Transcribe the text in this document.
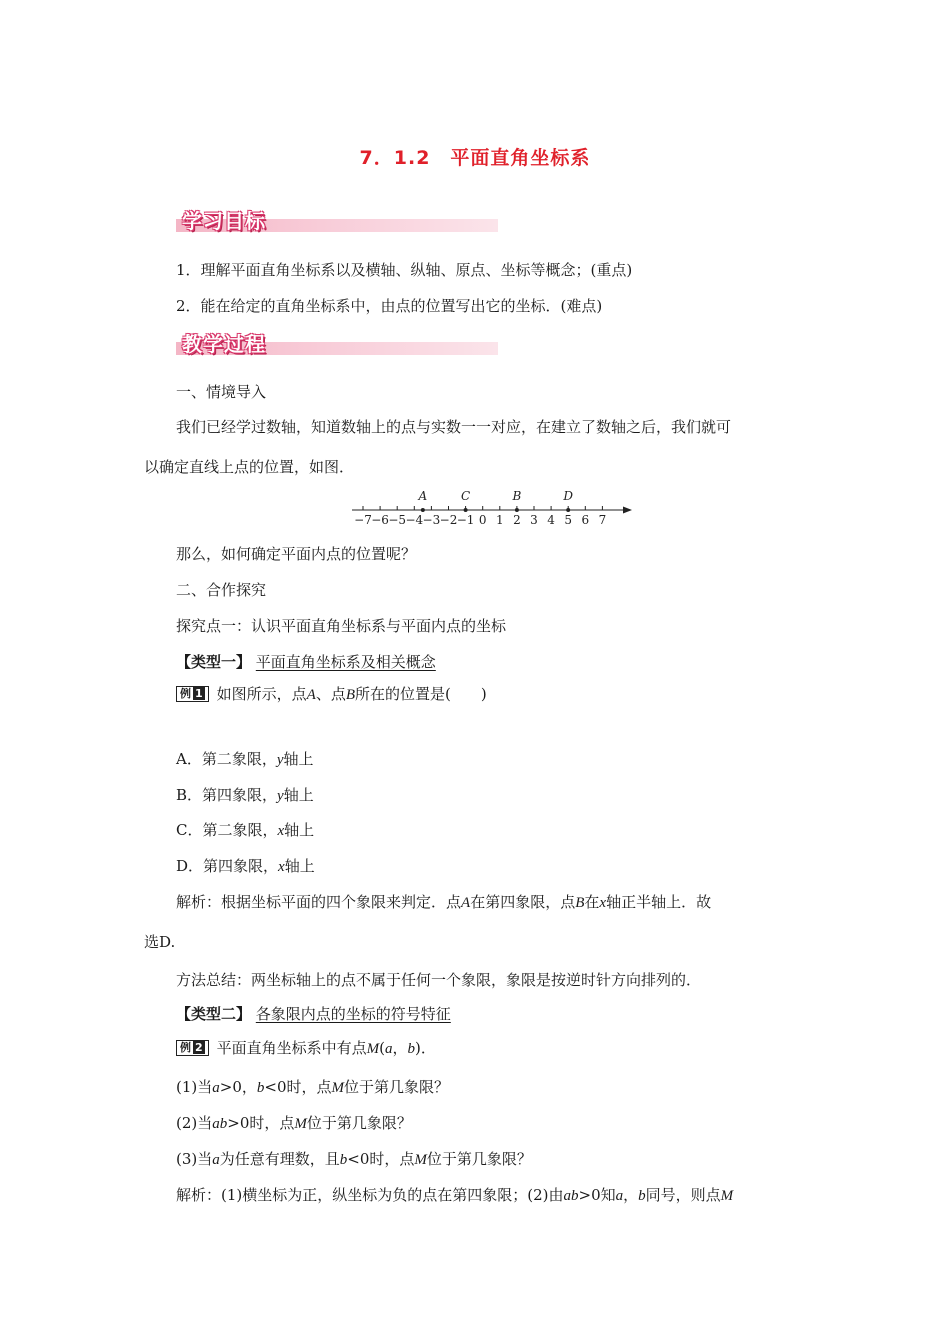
7．1.2　平面直角坐标系
学习目标
1．理解平面直角坐标系以及横轴、纵轴、原点、坐标等概念；(重点)
2．能在给定的直角坐标系中，由点的位置写出它的坐标．(难点)
教学过程
一、情境导入
我们已经学过数轴，知道数轴上的点与实数一一对应，在建立了数轴之后，我们就可
以确定直线上点的位置，如图．
−7 −6 −5 −4 −3 −2 −1 0 1 2 3 4 5 6 7
A	C	B	D
那么，如何确定平面内点的位置呢？
二、合作探究
探究点一：认识平面直角坐标系与平面内点的坐标
【类型一】 平面直角坐标系及相关概念
例 1 如图所示，点A、点B所在的位置是(　　)
A．第二象限，y轴上
B．第四象限，y轴上
C．第二象限，x轴上
D．第四象限，x轴上
解析：根据坐标平面的四个象限来判定．点A在第四象限，点B在x轴正半轴上．故
选D.
方法总结：两坐标轴上的点不属于任何一个象限，象限是按逆时针方向排列的．
【类型二】 各象限内点的坐标的符号特征
例 2 平面直角坐标系中有点M(a，b)．
(1)当a>0，b<0时，点M位于第几象限？
(2)当ab>0时，点M位于第几象限？
(3)当a为任意有理数，且b<0时，点M位于第几象限？
解析：(1)横坐标为正，纵坐标为负的点在第四象限；(2)由ab>0知a，b同号，则点M
